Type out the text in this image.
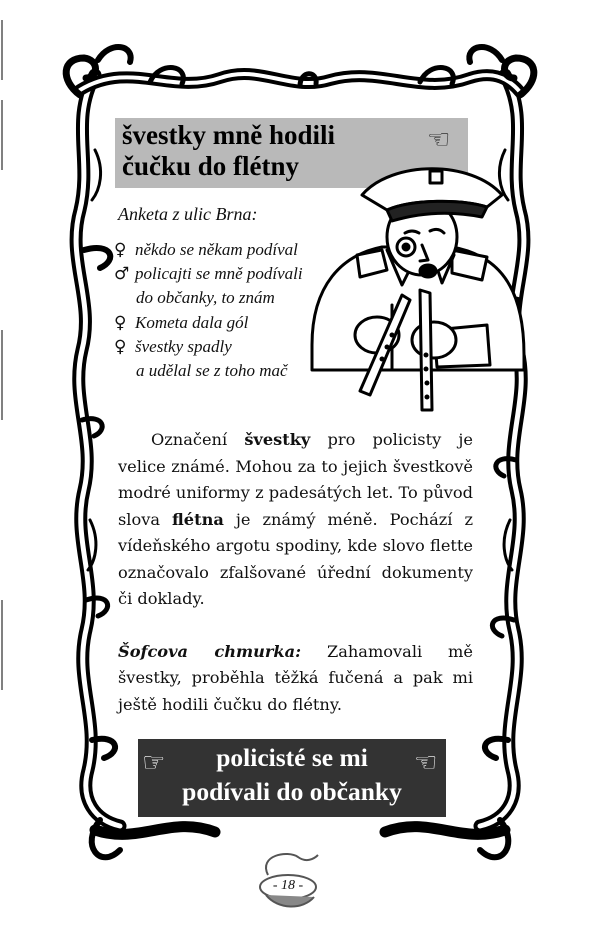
švestky mně hodili
čučku do flétny
☜
Anketa z ulic Brna:
♀ někdo se někam podíval
♂ policajti se mně podívali
do občanky, to znám
♀ Kometa dala gól
♀ švestky spadly
a udělal se z toho mač

Označení švestky pro policisty je velice známé. Mohou za to jejich švestkově modré uniformy z padesátých let. To původ slova flétna je známý méně. Pochází z vídeňského argotu spodiny, kde slovo flette označovalo zfalšované úřední dokumenty či doklady.

Šofcova chmurka: Zahamovali mě švestky, proběhla těžká fučená a pak mi ještě hodili čučku do flétny.

policisté se mi
podívali do občanky
☞	☜
- 18 -
